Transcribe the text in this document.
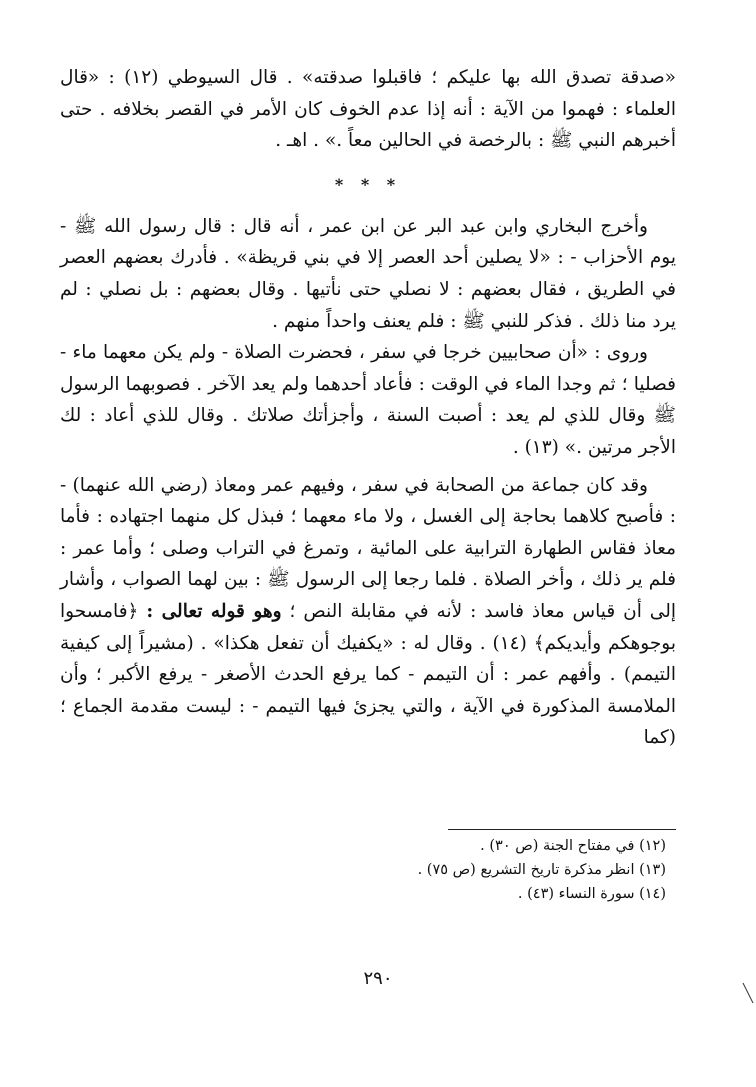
«صدقة تصدق الله بها عليكم ؛ فاقبلوا صدقته» . قال السيوطي (١٢) : «قال العلماء : فهموا من الآية : أنه إذا عدم الخوف كان الأمر في القصر بخلافه . حتى أخبرهم النبي ﷺ : بالرخصة في الحالين معاً .» . اهـ .

* * *

وأخرج البخاري وابن عبد البر عن ابن عمر ، أنه قال : قال رسول الله ﷺ - يوم الأحزاب - : «لا يصلين أحد العصر إلا في بني قريظة» . فأدرك بعضهم العصر في الطريق ، فقال بعضهم : لا نصلي حتى نأتيها . وقال بعضهم : بل نصلي : لم يرد منا ذلك . فذكر للنبي ﷺ : فلم يعنف واحداً منهم .

وروى : «أن صحابيين خرجا في سفر ، فحضرت الصلاة - ولم يكن معهما ماء - فصليا ؛ ثم وجدا الماء في الوقت : فأعاد أحدهما ولم يعد الآخر . فصوبهما الرسول ﷺ وقال للذي لم يعد : أصبت السنة ، وأجزأتك صلاتك . وقال للذي أعاد : لك الأجر مرتين .» (١٣) .

وقد كان جماعة من الصحابة في سفر ، وفيهم عمر ومعاذ (رضي الله عنهما) - : فأصبح كلاهما بحاجة إلى الغسل ، ولا ماء معهما ؛ فبذل كل منهما اجتهاده : فأما معاذ فقاس الطهارة الترابية على المائية ، وتمرغ في التراب وصلى ؛ وأما عمر : فلم ير ذلك ، وأخر الصلاة . فلما رجعا إلى الرسول ﷺ : بين لهما الصواب ، وأشار إلى أن قياس معاذ فاسد : لأنه في مقابلة النص ؛ وهو قوله تعالى : ﴿فامسحوا بوجوهكم وأيديكم﴾ (١٤) . وقال له : «يكفيك أن تفعل هكذا» . (مشيراً إلى كيفية التيمم) . وأفهم عمر : أن التيمم - كما يرفع الحدث الأصغر - يرفع الأكبر ؛ وأن الملامسة المذكورة في الآية ، والتي يجزئ فيها التيمم - : ليست مقدمة الجماع ؛ (كما

(١٢) في مفتاح الجنة (ص ٣٠) .

(١٣) انظر مذكرة تاريخ التشريع (ص ٧٥) .

(١٤) سورة النساء (٤٣) .

٢٩٠
